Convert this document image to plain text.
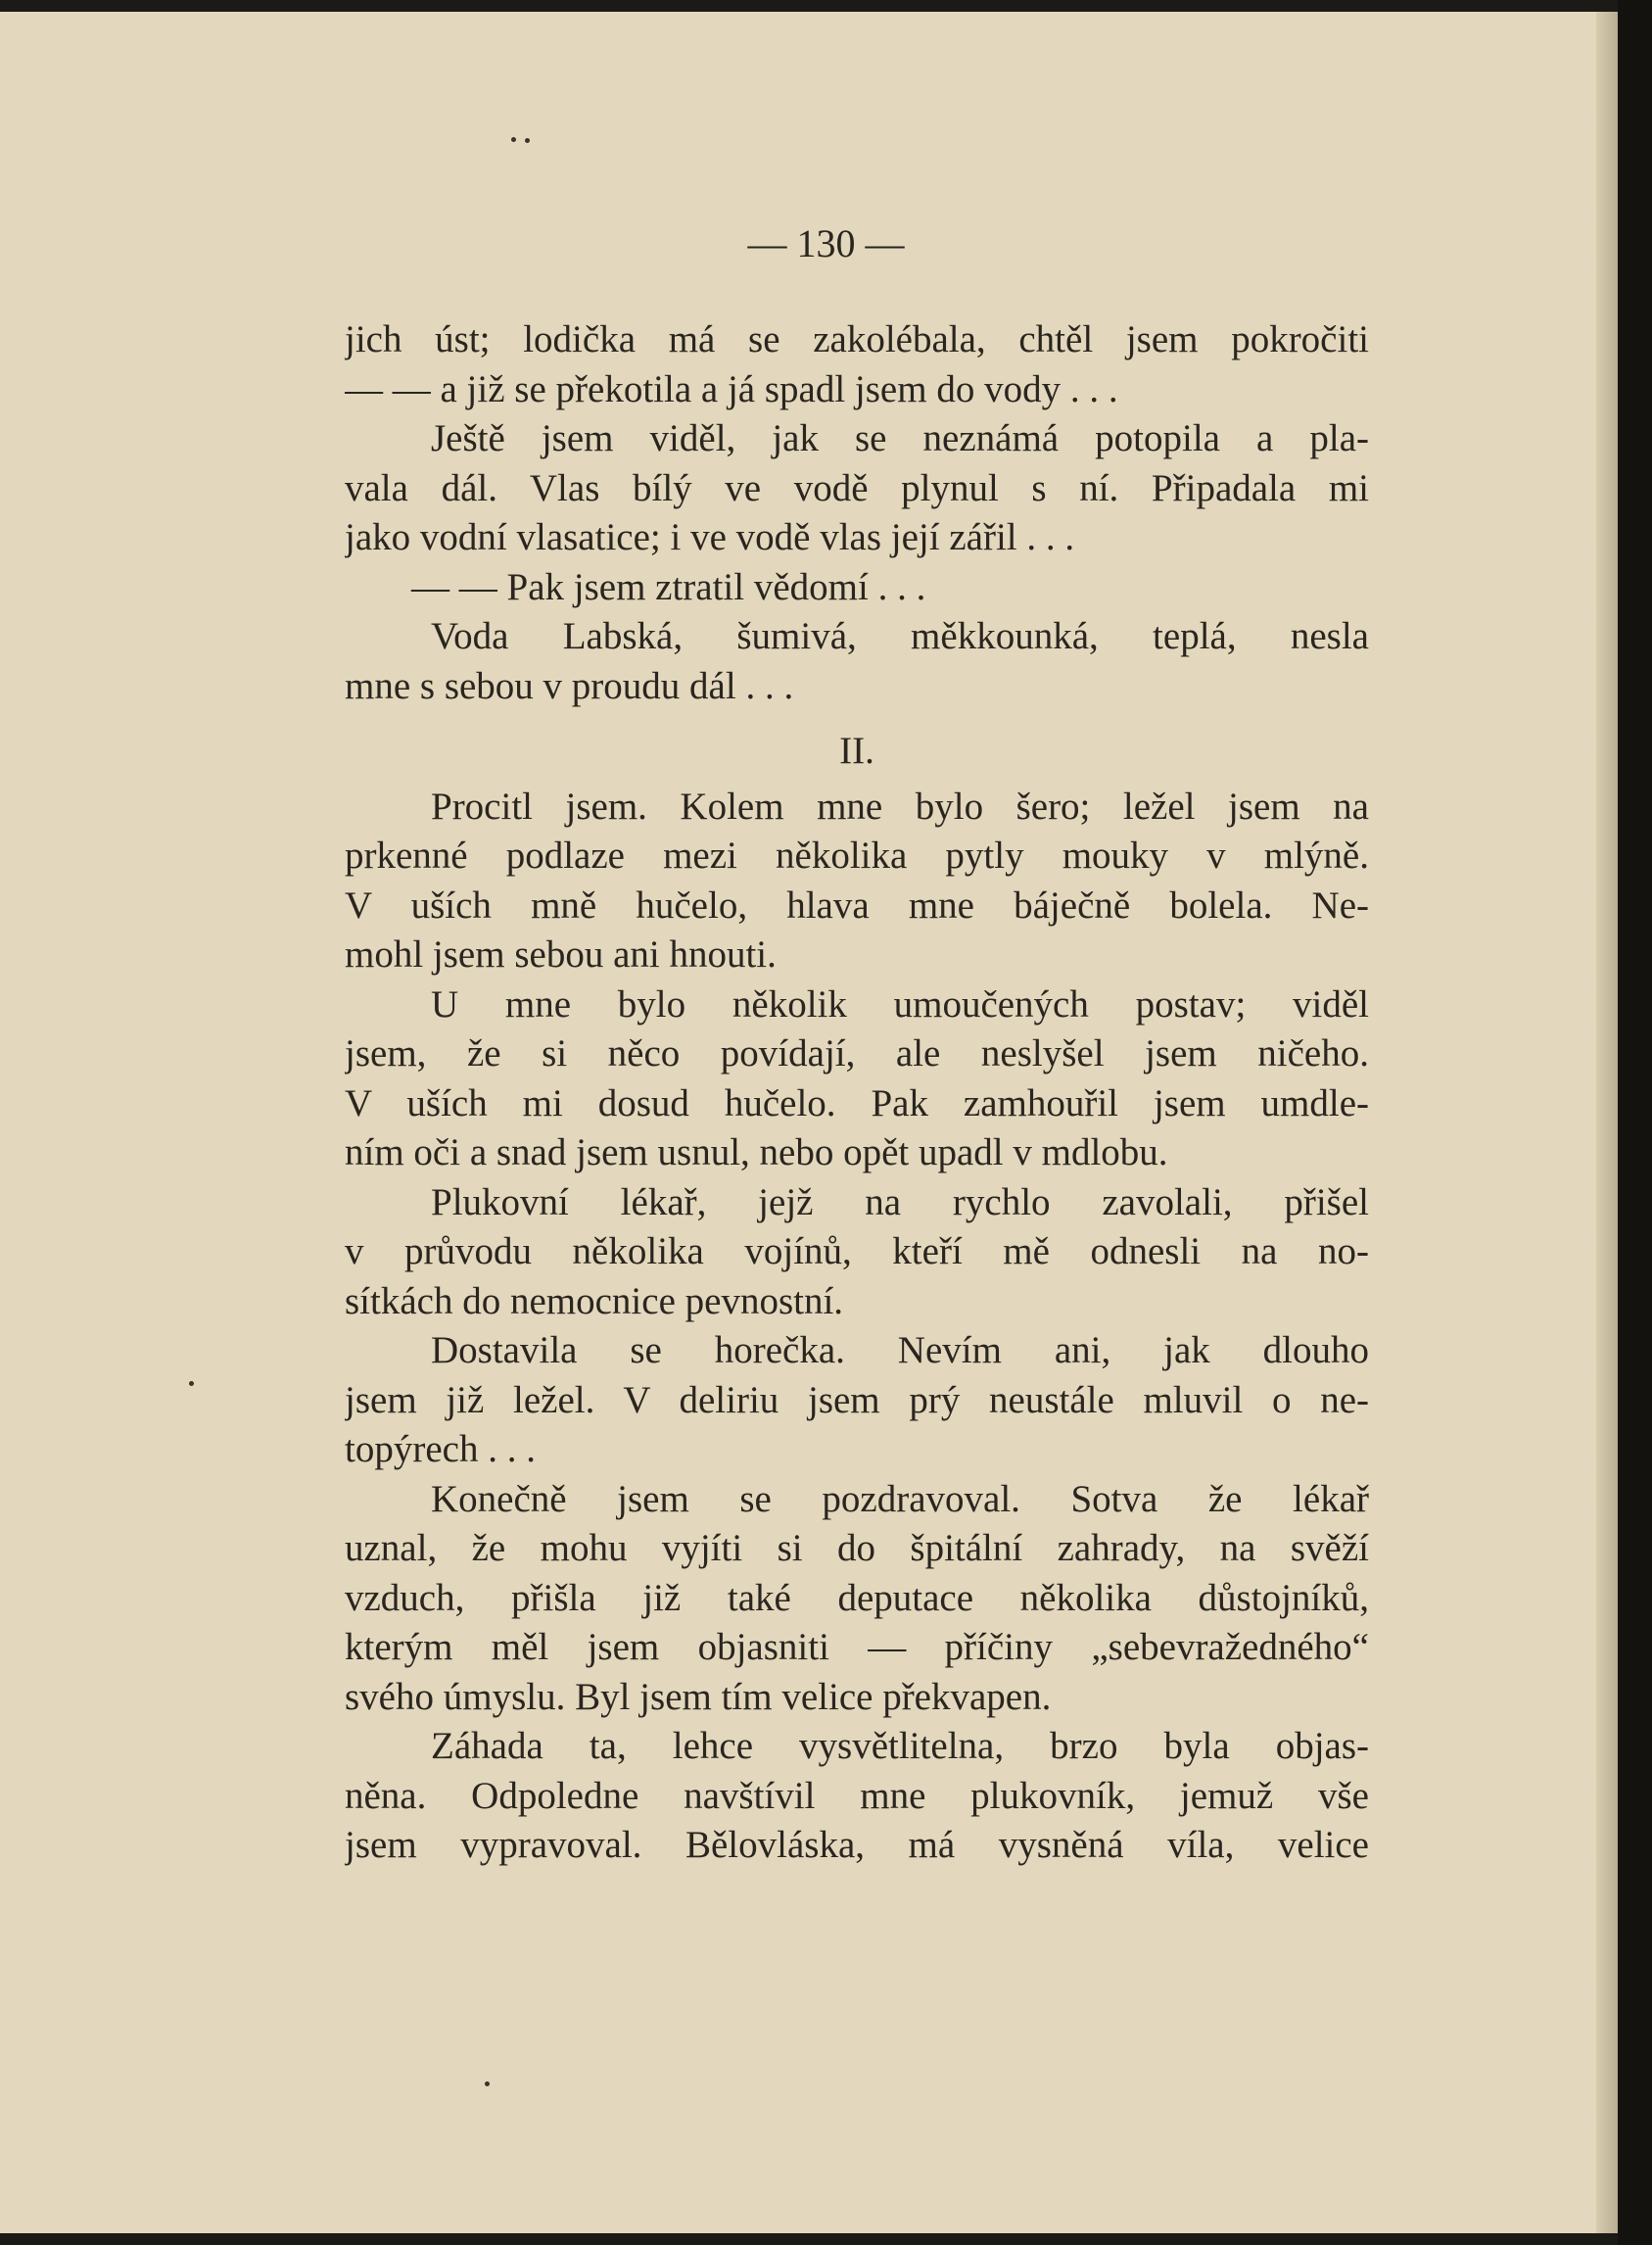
— 130 —
jich úst; lodička má se zakolébala, chtěl jsem pokročiti
— — a již se překotila a já spadl jsem do vody . . .
Ještě jsem viděl, jak se neznámá potopila a pla-
vala dál. Vlas bílý ve vodě plynul s ní. Připadala mi
jako vodní vlasatice; i ve vodě vlas její zářil . . .
— — Pak jsem ztratil vědomí . . .
Voda Labská, šumivá, měkkounká, teplá, nesla
mne s sebou v proudu dál . . .
II.
Procitl jsem. Kolem mne bylo šero; ležel jsem na
prkenné podlaze mezi několika pytly mouky v mlýně.
V uších mně hučelo, hlava mne báječně bolela. Ne-
mohl jsem sebou ani hnouti.
U mne bylo několik umoučených postav; viděl
jsem, že si něco povídají, ale neslyšel jsem ničeho.
V uších mi dosud hučelo. Pak zamhouřil jsem umdle-
ním oči a snad jsem usnul, nebo opět upadl v mdlobu.
Plukovní lékař, jejž na rychlo zavolali, přišel
v průvodu několika vojínů, kteří mě odnesli na no-
sítkách do nemocnice pevnostní.
Dostavila se horečka. Nevím ani, jak dlouho
jsem již ležel. V deliriu jsem prý neustále mluvil o ne-
topýrech . . .
Konečně jsem se pozdravoval. Sotva že lékař
uznal, že mohu vyjíti si do špitální zahrady, na svěží
vzduch, přišla již také deputace několika důstojníků,
kterým měl jsem objasniti — příčiny „sebevražedného“
svého úmyslu. Byl jsem tím velice překvapen.
Záhada ta, lehce vysvětlitelna, brzo byla objas-
něna. Odpoledne navštívil mne plukovník, jemuž vše
jsem vypravoval. Bělovláska, má vysněná víla, velice
